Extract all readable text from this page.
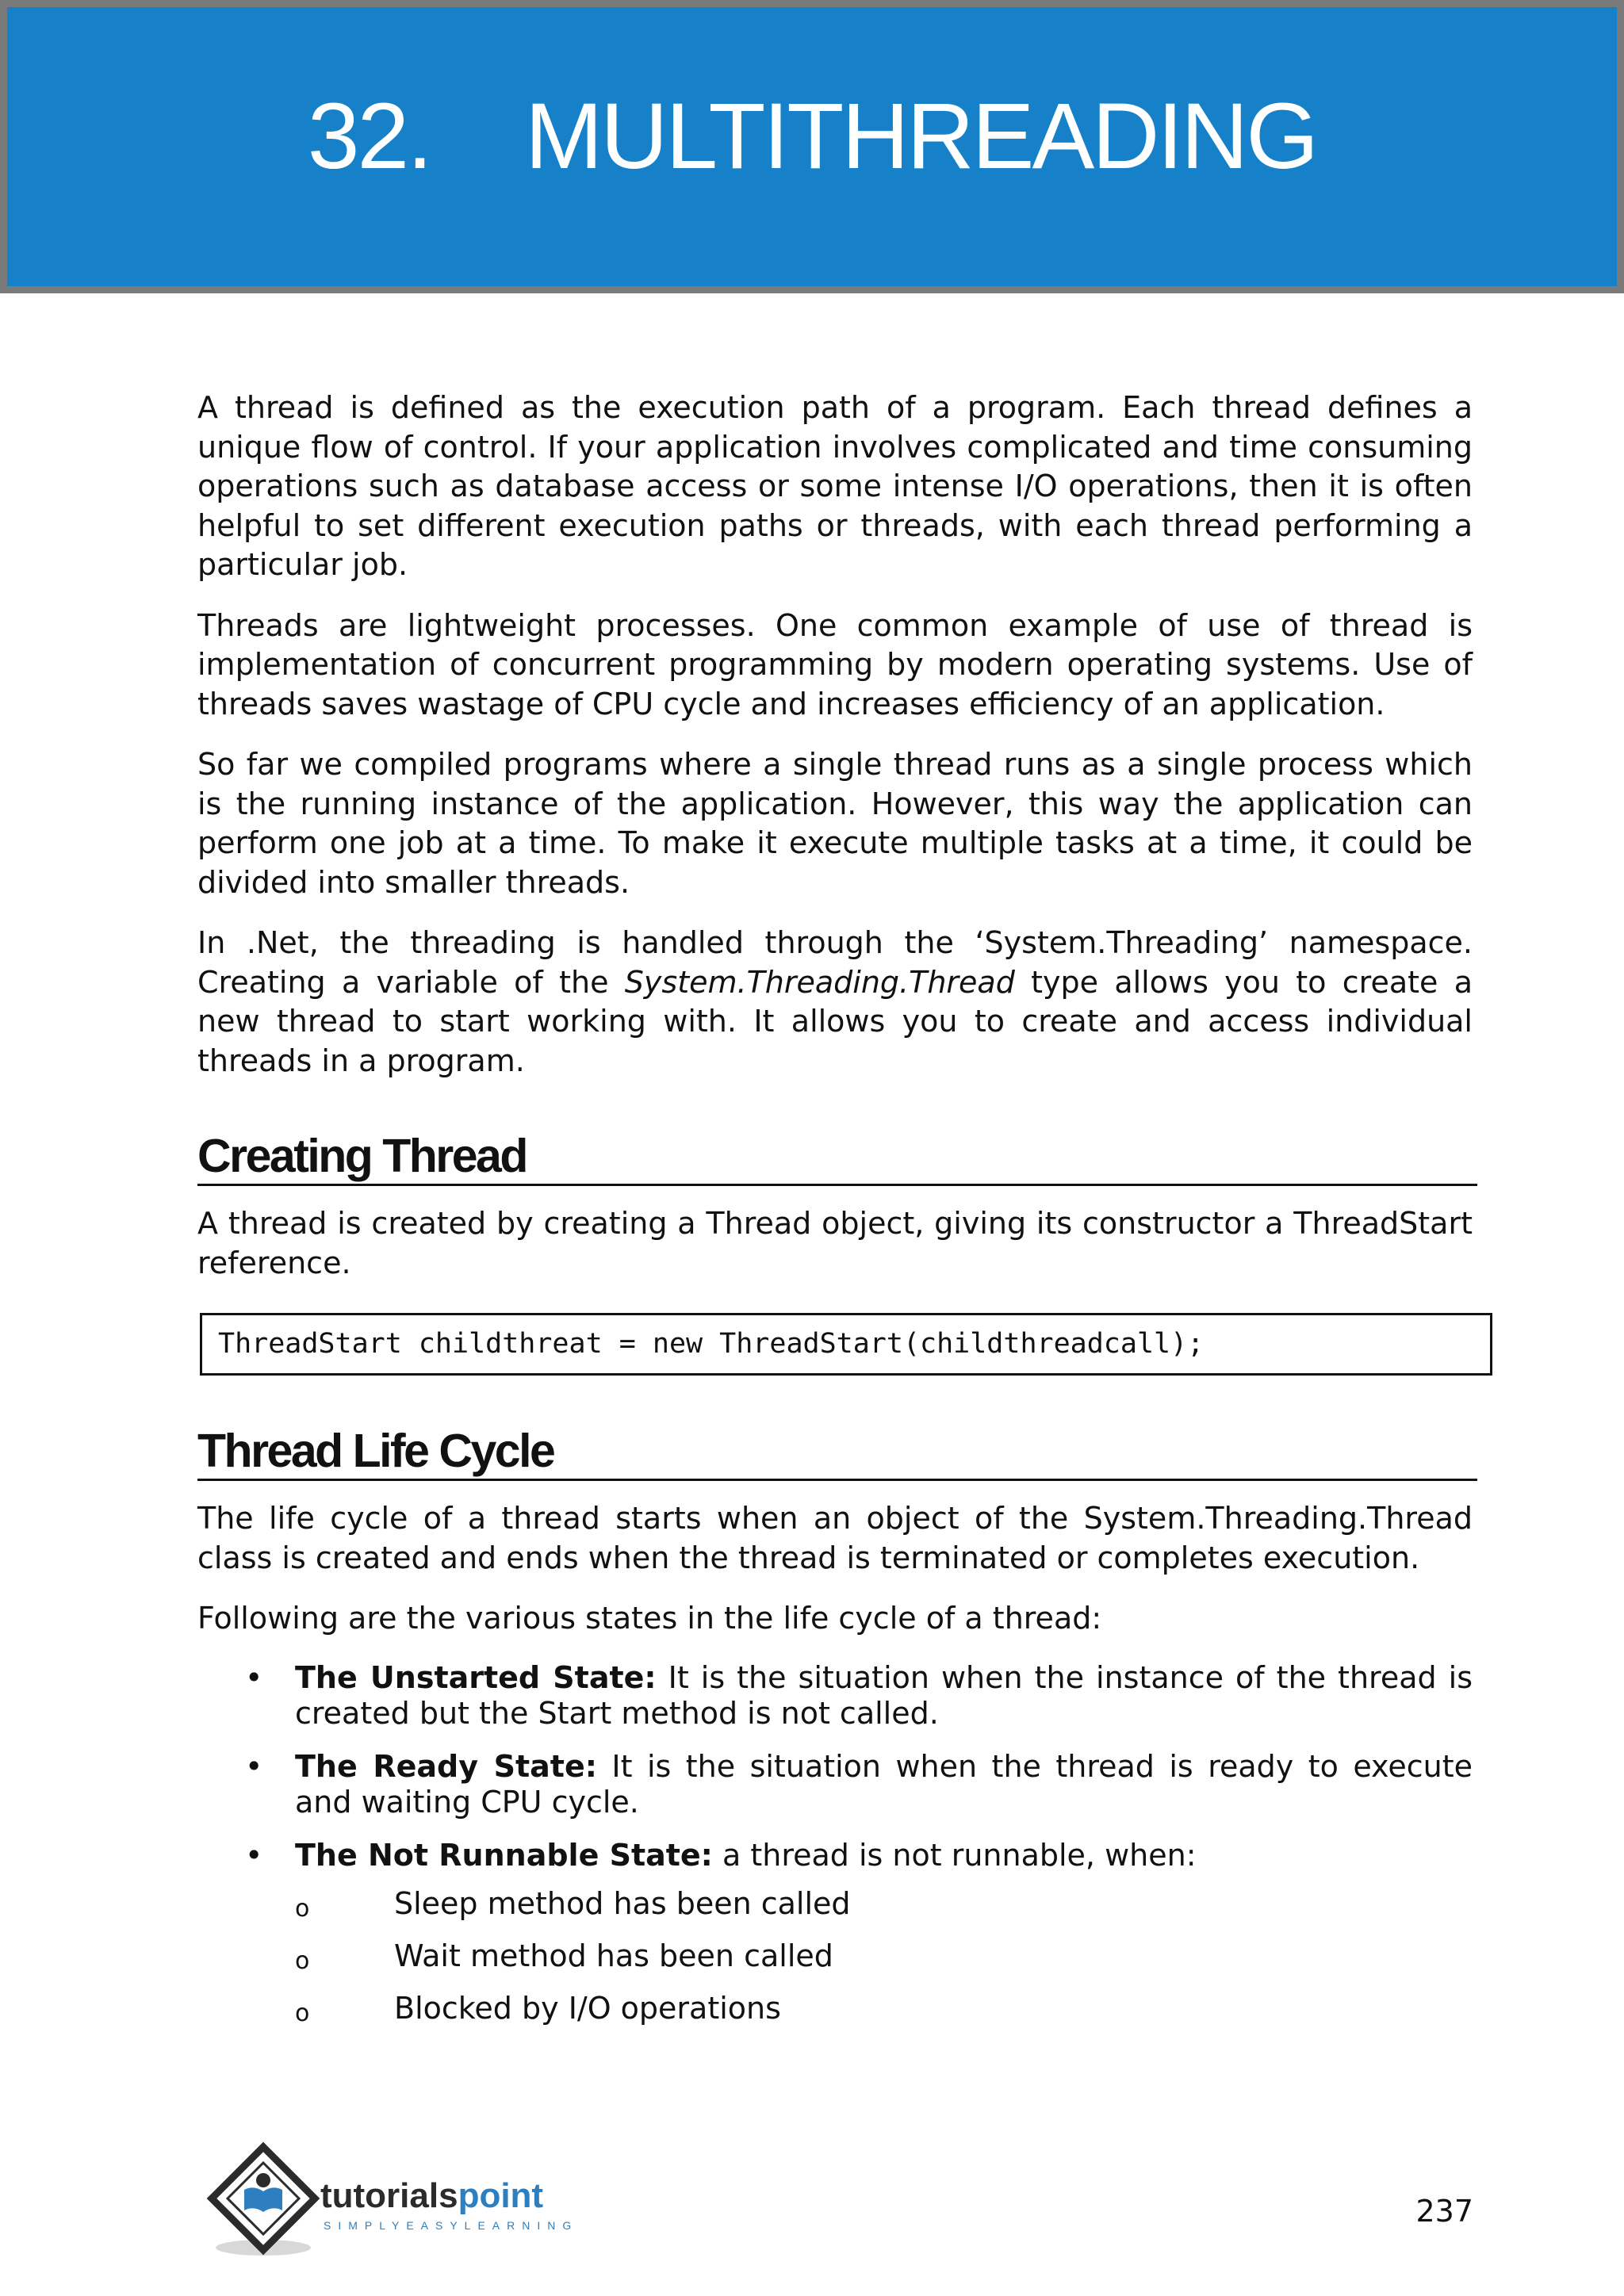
32. MULTITHREADING

A thread is defined as the execution path of a program. Each thread defines a unique flow of control. If your application involves complicated and time consuming operations such as database access or some intense I/O operations, then it is often helpful to set different execution paths or threads, with each thread performing a particular job.

Threads are lightweight processes. One common example of use of thread is implementation of concurrent programming by modern operating systems. Use of threads saves wastage of CPU cycle and increases efficiency of an application.

So far we compiled programs where a single thread runs as a single process which is the running instance of the application. However, this way the application can perform one job at a time. To make it execute multiple tasks at a time, it could be divided into smaller threads.

In .Net, the threading is handled through the ‘System.Threading’ namespace. Creating a variable of the System.Threading.Thread type allows you to create a new thread to start working with. It allows you to create and access individual threads in a program.

Creating Thread

A thread is created by creating a Thread object, giving its constructor a ThreadStart reference.

ThreadStart childthreat = new ThreadStart(childthreadcall);
Thread Life Cycle

The life cycle of a thread starts when an object of the System.Threading.Thread class is created and ends when the thread is terminated or completes execution.

Following are the various states in the life cycle of a thread:

• The Unstarted State: It is the situation when the instance of the thread is created but the Start method is not called.
• The Ready State: It is the situation when the thread is ready to execute and waiting CPU cycle.
• The Not Runnable State: a thread is not runnable, when:
o	Sleep method has been called
o	Wait method has been called
o	Blocked by I/O operations
tutorialspoint
SIMPLYEASYLEARNING	237
